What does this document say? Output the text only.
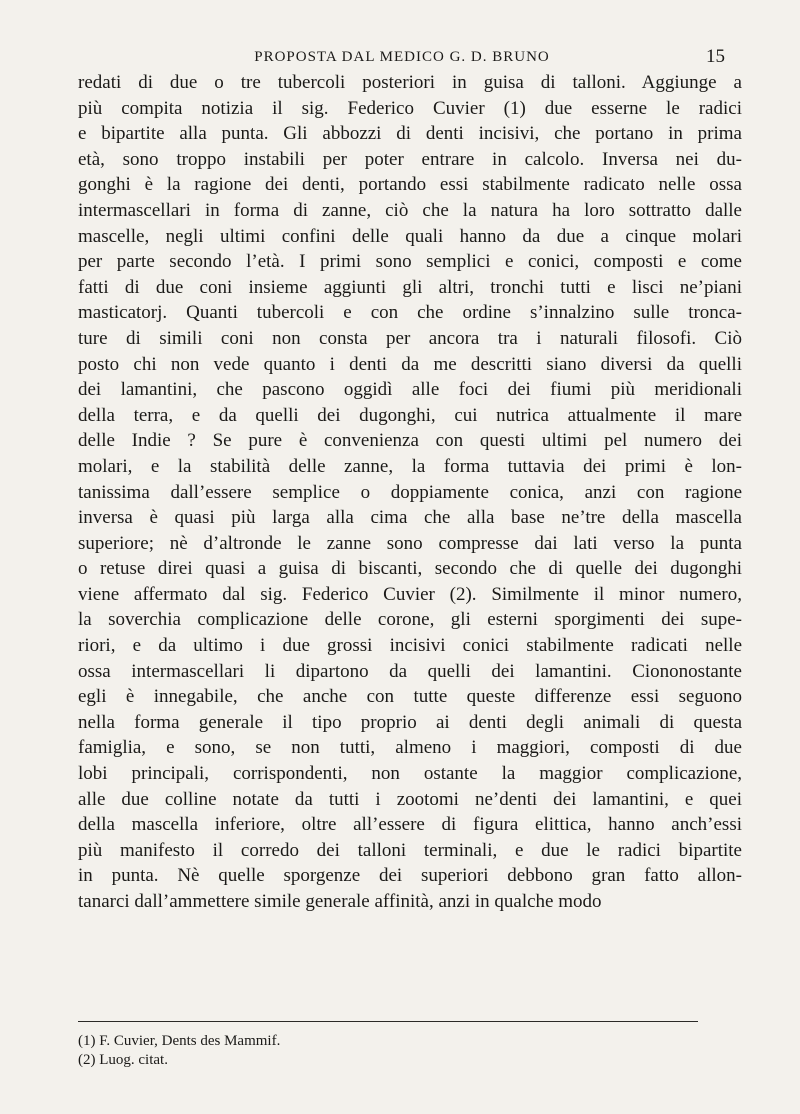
PROPOSTA DAL MEDICO G. D. BRUNO	15
redati di due o tre tubercoli posteriori in guisa di talloni. Aggiunge a
più compita notizia il sig. Federico Cuvier (1) due esserne le radici
e bipartite alla punta. Gli abbozzi di denti incisivi, che portano in prima
età, sono troppo instabili per poter entrare in calcolo. Inversa nei du-
gonghi è la ragione dei denti, portando essi stabilmente radicato nelle ossa
intermascellari in forma di zanne, ciò che la natura ha loro sottratto dalle
mascelle, negli ultimi confini delle quali hanno da due a cinque molari
per parte secondo l’età. I primi sono semplici e conici, composti e come
fatti di due coni insieme aggiunti gli altri, tronchi tutti e lisci ne’piani
masticatorj. Quanti tubercoli e con che ordine s’innalzino sulle tronca-
ture di simili coni non consta per ancora tra i naturali filosofi. Ciò
posto chi non vede quanto i denti da me descritti siano diversi da quelli
dei lamantini, che pascono oggidì alle foci dei fiumi più meridionali
della terra, e da quelli dei dugonghi, cui nutrica attualmente il mare
delle Indie ? Se pure è convenienza con questi ultimi pel numero dei
molari, e la stabilità delle zanne, la forma tuttavia dei primi è lon-
tanissima dall’essere semplice o doppiamente conica, anzi con ragione
inversa è quasi più larga alla cima che alla base ne’tre della mascella
superiore; nè d’altronde le zanne sono compresse dai lati verso la punta
o retuse direi quasi a guisa di biscanti, secondo che di quelle dei dugonghi
viene affermato dal sig. Federico Cuvier (2). Similmente il minor numero,
la soverchia complicazione delle corone, gli esterni sporgimenti dei supe-
riori, e da ultimo i due grossi incisivi conici stabilmente radicati nelle
ossa intermascellari li dipartono da quelli dei lamantini. Ciononostante
egli è innegabile, che anche con tutte queste differenze essi seguono
nella forma generale il tipo proprio ai denti degli animali di questa
famiglia, e sono, se non tutti, almeno i maggiori, composti di due
lobi principali, corrispondenti, non ostante la maggior complicazione,
alle due colline notate da tutti i zootomi ne’denti dei lamantini, e quei
della mascella inferiore, oltre all’essere di figura elittica, hanno anch’essi
più manifesto il corredo dei talloni terminali, e due le radici bipartite
in punta. Nè quelle sporgenze dei superiori debbono gran fatto allon-
tanarci dall’ammettere simile generale affinità, anzi in qualche modo
(1) F. Cuvier, Dents des Mammif.
(2) Luog. citat.
